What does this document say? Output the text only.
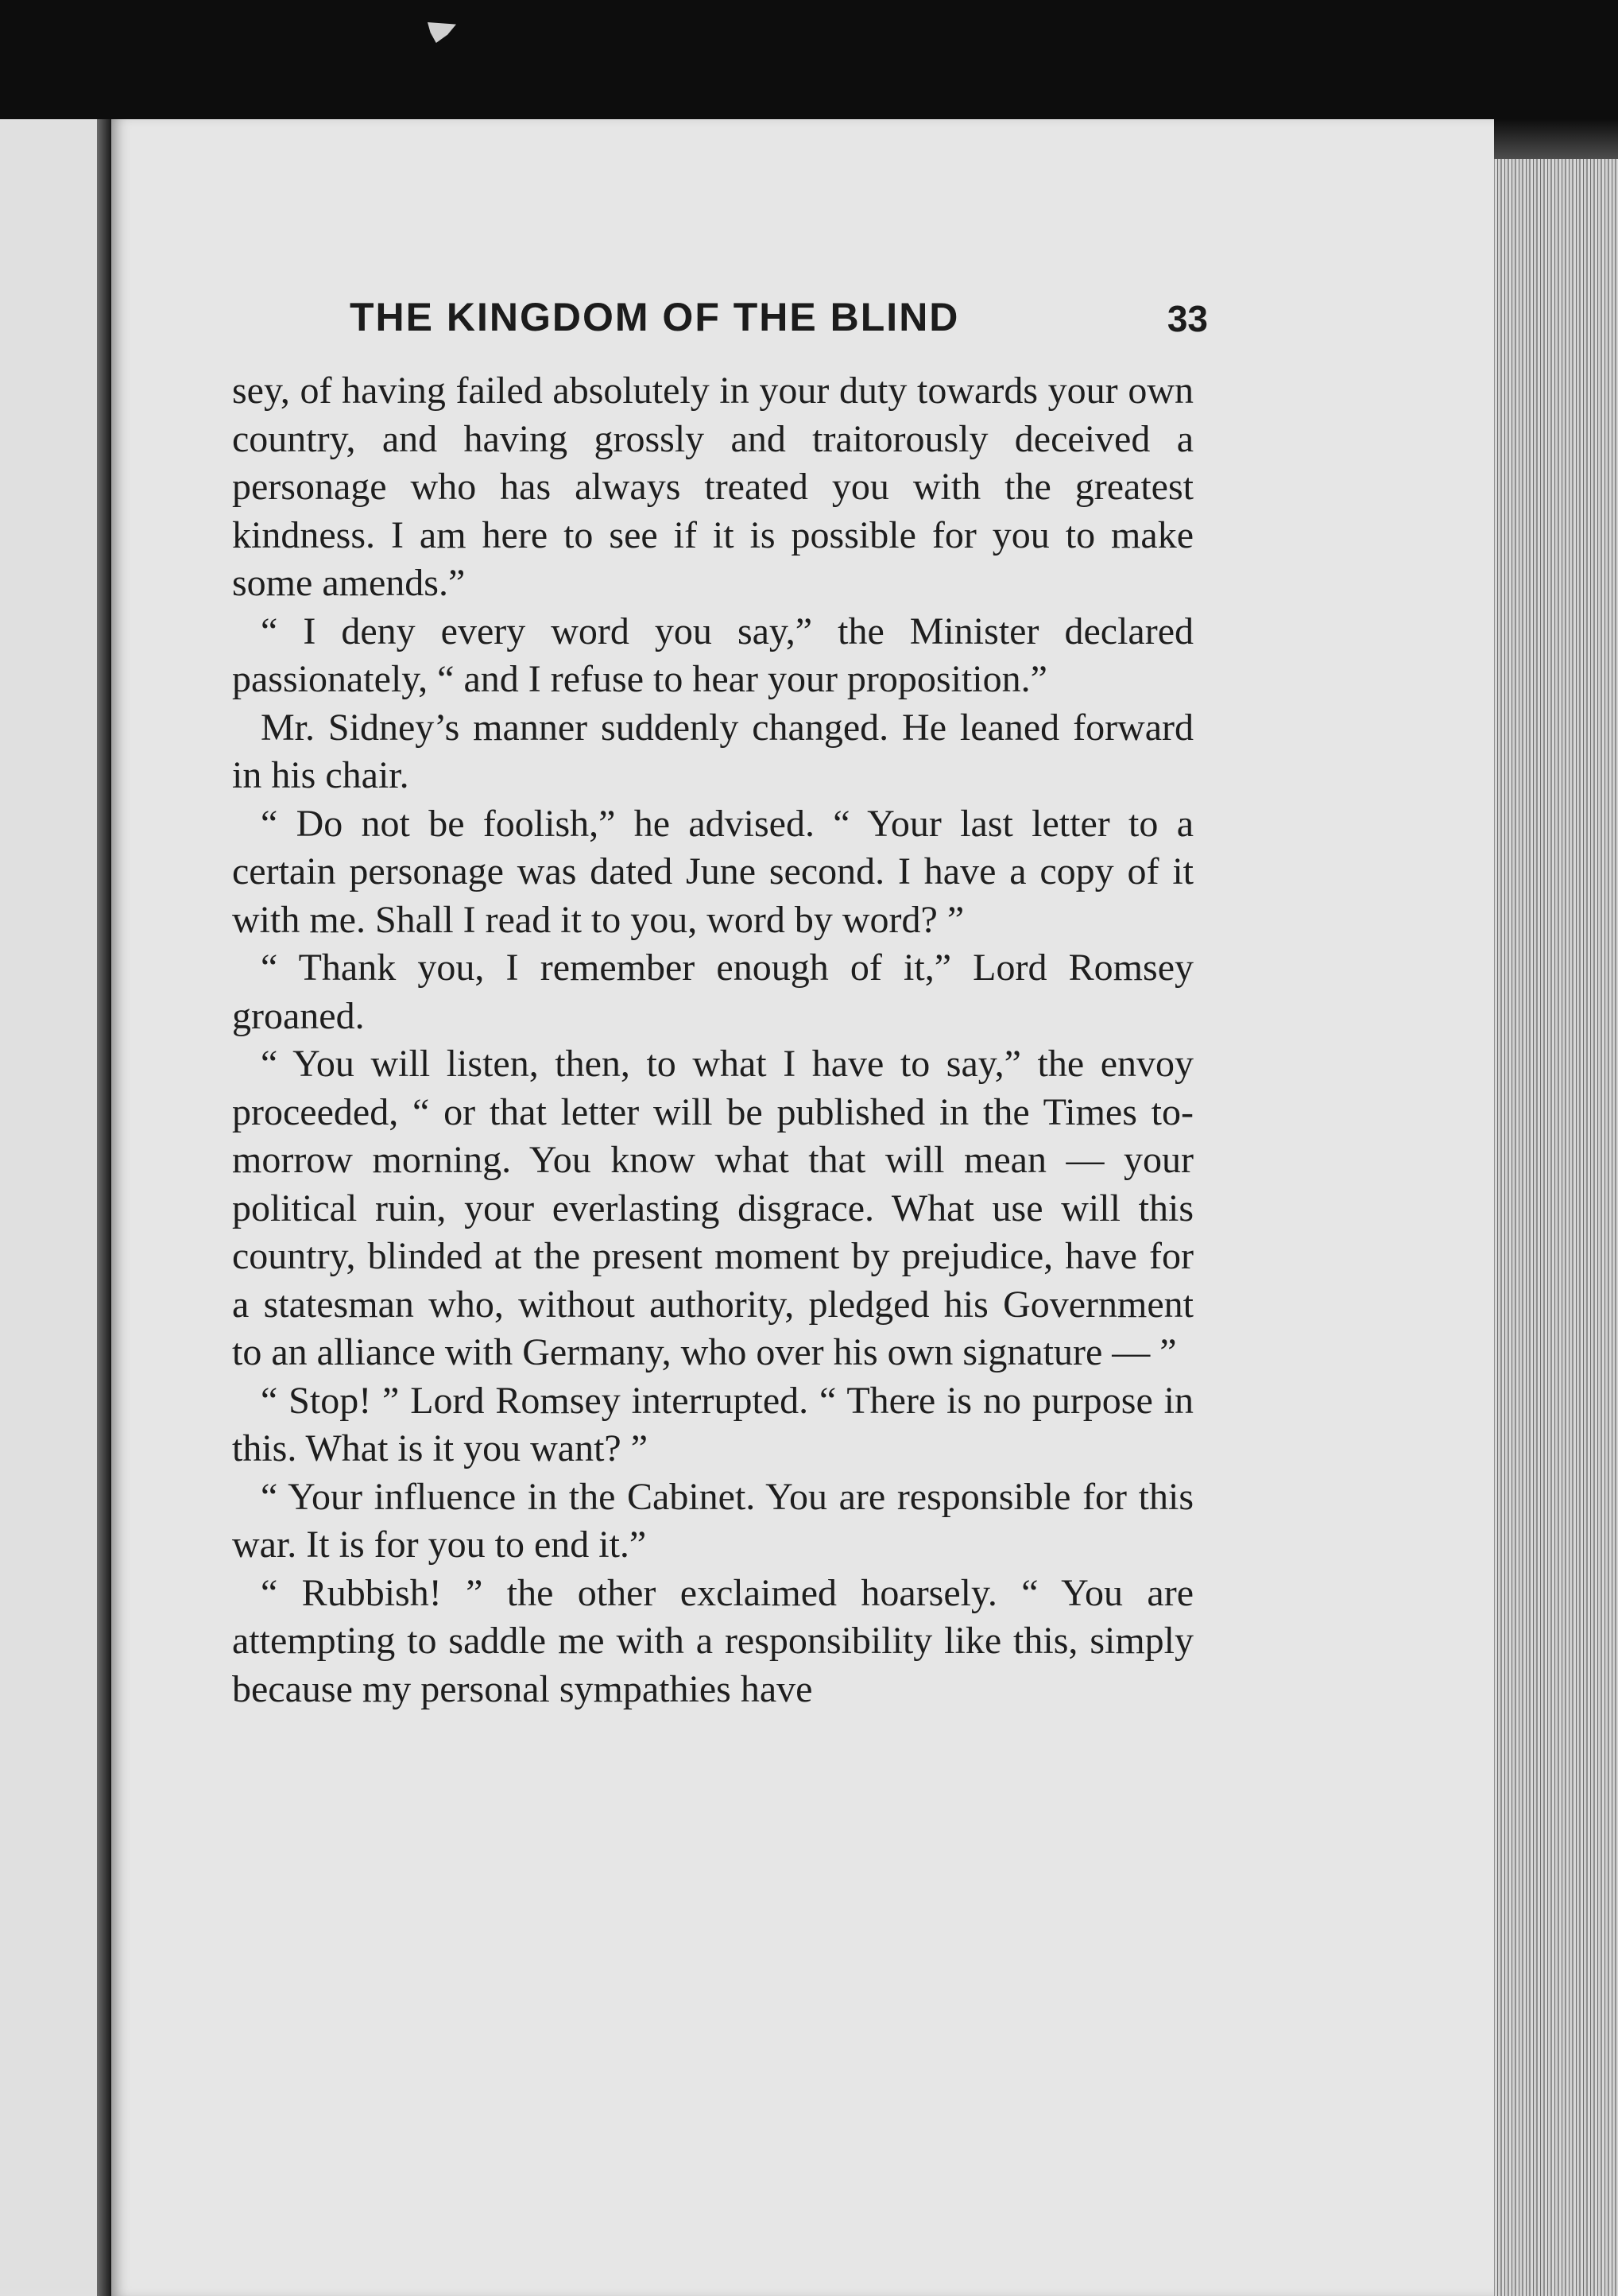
THE KINGDOM OF THE BLIND	33

sey, of having failed absolutely in your duty towards your own country, and having grossly and traitorously deceived a personage who has always treated you with the greatest kindness. I am here to see if it is possible for you to make some amends.”

“ I deny every word you say,” the Minister declared passionately, “ and I refuse to hear your proposition.”

Mr. Sidney’s manner suddenly changed. He leaned forward in his chair.

“ Do not be foolish,” he advised. “ Your last letter to a certain personage was dated June second. I have a copy of it with me. Shall I read it to you, word by word? ”

“ Thank you, I remember enough of it,” Lord Romsey groaned.

“ You will listen, then, to what I have to say,” the envoy proceeded, “ or that letter will be published in the Times to-morrow morning. You know what that will mean — your political ruin, your everlasting disgrace. What use will this country, blinded at the present moment by prejudice, have for a statesman who, without authority, pledged his Government to an alliance with Germany, who over his own signature — ”

“ Stop! ” Lord Romsey interrupted. “ There is no purpose in this. What is it you want? ”

“ Your influence in the Cabinet. You are responsible for this war. It is for you to end it.”

“ Rubbish! ” the other exclaimed hoarsely. “ You are attempting to saddle me with a responsibility like this, simply because my personal sympathies have
